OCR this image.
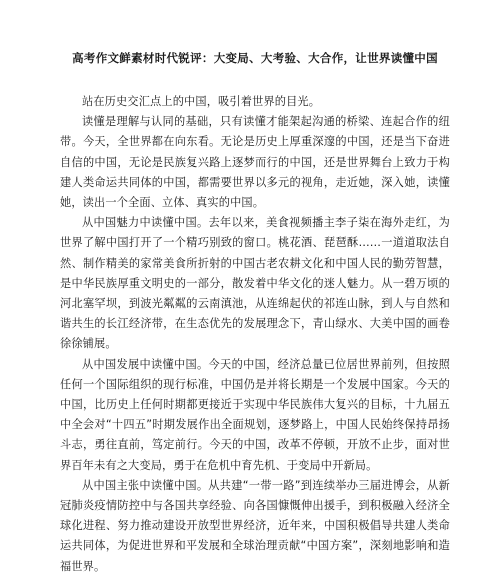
高考作文鲜素材时代锐评：大变局、大考验、大合作，让世界读懂中国

站在历史交汇点上的中国，吸引着世界的目光。

读懂是理解与认同的基础，只有读懂才能架起沟通的桥梁、连起合作的纽带。今天，全世界都在向东看。无论是历史上厚重深邃的中国，还是当下奋进自信的中国，无论是民族复兴路上逐梦而行的中国，还是世界舞台上致力于构建人类命运共同体的中国，都需要世界以多元的视角，走近她，深入她，读懂她，读出一个全面、立体、真实的中国。

从中国魅力中读懂中国。去年以来，美食视频播主李子柒在海外走红，为世界了解中国打开了一个精巧别致的窗口。桃花酒、琵琶酥……一道道取法自然、制作精美的家常美食所折射的中国古老农耕文化和中国人民的勤劳智慧，是中华民族厚重文明史的一部分，散发着中华文化的迷人魅力。从一碧万顷的河北塞罕坝，到波光粼粼的云南滇池，从连绵起伏的祁连山脉，到人与自然和谐共生的长江经济带，在生态优先的发展理念下，青山绿水、大美中国的画卷徐徐铺展。

从中国发展中读懂中国。今天的中国，经济总量已位居世界前列，但按照任何一个国际组织的现行标准，中国仍是并将长期是一个发展中国家。今天的中国，比历史上任何时期都更接近于实现中华民族伟大复兴的目标，十九届五中全会对“十四五”时期发展作出全面规划，逐梦路上，中国人民始终保持昂扬斗志，勇往直前，笃定前行。今天的中国，改革不停顿，开放不止步，面对世界百年未有之大变局，勇于在危机中育先机、于变局中开新局。

从中国主张中读懂中国。从共建“一带一路”到连续举办三届进博会，从新冠肺炎疫情防控中与各国共享经验、向各国慷慨伸出援手，到积极融入经济全球化进程、努力推动建设开放型世界经济，近年来，中国积极倡导共建人类命运共同体，为促进世界和平发展和全球治理贡献“中国方案”，深刻地影响和造福世界。
